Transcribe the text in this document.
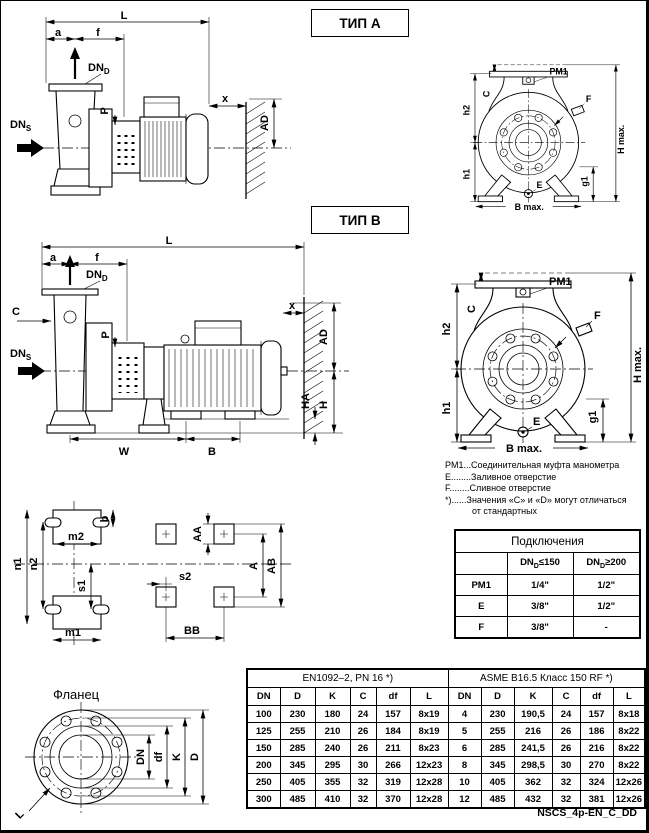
L
a	f
$DN_D$
$DN_S$
P
x
AD
ТИП A
h2
h1
C
H max.
g1
B max.
PM1
F
E
ТИП B
L
a	f
$DN_D$
C
$DN_S$
P
x
AD
H
HA
W	B
h2
h1
C
H max.
g1
B max.
PM1
F
E
PM1...Соединительная муфта манометра
E........Заливное отверстие
F........Сливное отверстие
*)......Значения «С» и «D» могут отличаться
от стандартных
Подключения		
	$DN_D\le 150$	$DN_D\ge 200$
PM1	1/4"	1/2"
E	3/8"	1/2"
F	3/8"	-
b
m2
n1 n2
s1
m1
AA
s2
BB
A AB
Фланец
DN df K D
L
EN1092–2, PN 16 *)						ASME B16.5 Класс 150 RF *)					
DN	D	K	C	df	L	DN	D	K	C	df	L
100	230	180	24	157	8x19	4	230	190,5	24	157	8x18
125	255	210	26	184	8x19	5	255	216	26	186	8x22
150	285	240	26	211	8x23	6	285	241,5	26	216	8x22
200	345	295	30	266	12x23	8	345	298,5	30	270	8x22
250	405	355	32	319	12x28	10	405	362	32	324	12x26
300	485	410	32	370	12x28	12	485	432	32	381	12x26
NSCS_4p-EN_C_DD
